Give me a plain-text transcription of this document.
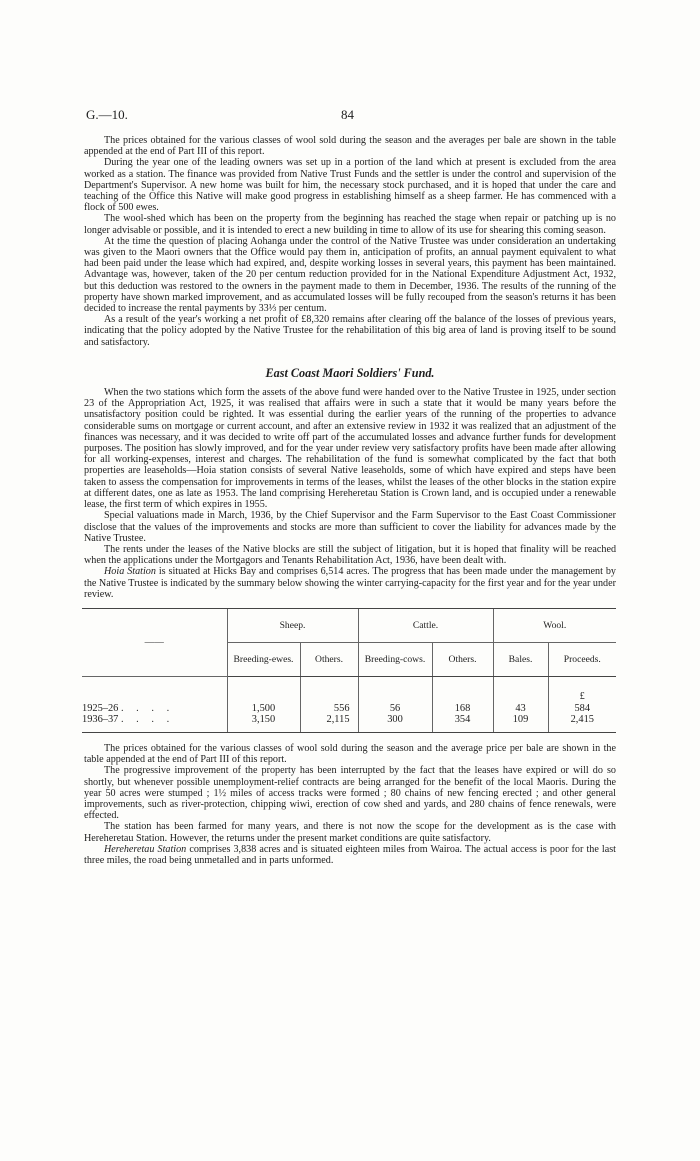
G.—10.	84

The prices obtained for the various classes of wool sold during the season and the averages per bale are shown in the table appended at the end of Part III of this report.

During the year one of the leading owners was set up in a portion of the land which at present is excluded from the area worked as a station. The finance was provided from Native Trust Funds and the settler is under the control and supervision of the Department's Supervisor. A new home was built for him, the necessary stock purchased, and it is hoped that under the care and teaching of the Office this Native will make good progress in establishing himself as a sheep farmer. He has commenced with a flock of 500 ewes.

The wool-shed which has been on the property from the beginning has reached the stage when repair or patching up is no longer advisable or possible, and it is intended to erect a new building in time to allow of its use for shearing this coming season.

At the time the question of placing Aohanga under the control of the Native Trustee was under consideration an undertaking was given to the Maori owners that the Office would pay them in, anticipation of profits, an annual payment equivalent to what had been paid under the lease which had expired, and, despite working losses in several years, this payment has been maintained. Advantage was, however, taken of the 20 per centum reduction provided for in the National Expenditure Adjustment Act, 1932, but this deduction was restored to the owners in the payment made to them in December, 1936. The results of the running of the property have shown marked improvement, and as accumulated losses will be fully recouped from the season's returns it has been decided to increase the rental payments by 33⅓ per centum.

As a result of the year's working a net profit of £8,320 remains after clearing off the balance of the losses of previous years, indicating that the policy adopted by the Native Trustee for the rehabilitation of this big area of land is proving itself to be sound and satisfactory.

East Coast Maori Soldiers' Fund.

When the two stations which form the assets of the above fund were handed over to the Native Trustee in 1925, under section 23 of the Appropriation Act, 1925, it was realised that affairs were in such a state that it would be many years before the unsatisfactory position could be righted. It was essential during the earlier years of the running of the properties to advance considerable sums on mortgage or current account, and after an extensive review in 1932 it was realized that an adjustment of the finances was necessary, and it was decided to write off part of the accumulated losses and advance further funds for development purposes. The position has slowly improved, and for the year under review very satisfactory profits have been made after allowing for all working-expenses, interest and charges. The rehabilitation of the fund is somewhat complicated by the fact that both properties are leaseholds—Hoia station consists of several Native leaseholds, some of which have expired and steps have been taken to assess the compensation for improvements in terms of the leases, whilst the leases of the other blocks in the station expire at different dates, one as late as 1953. The land comprising Hereheretau Station is Crown land, and is occupied under a renewable lease, the first term of which expires in 1955.

Special valuations made in March, 1936, by the Chief Supervisor and the Farm Supervisor to the East Coast Commissioner disclose that the values of the improvements and stocks are more than sufficient to cover the liability for advances made by the Native Trustee.

The rents under the leases of the Native blocks are still the subject of litigation, but it is hoped that finality will be reached when the applications under the Mortgagors and Tenants Rehabilitation Act, 1936, have been dealt with.

Hoia Station is situated at Hicks Bay and comprises 6,514 acres. The progress that has been made under the management by the Native Trustee is indicated by the summary below showing the winter carrying-capacity for the first year and for the year under review.

——	Sheep.		Cattle.		Wool.	
	Breeding-ewes.	Others.	Breeding-cows.	Others.	Bales.	Proceeds.
						£
1925–26 . . . .	1,500	556	56	168	43	584
1936–37 . . . .	3,150	2,115	300	354	109	2,415

The prices obtained for the various classes of wool sold during the season and the average price per bale are shown in the table appended at the end of Part III of this report.

The progressive improvement of the property has been interrupted by the fact that the leases have expired or will do so shortly, but whenever possible unemployment-relief contracts are being arranged for the benefit of the local Maoris. During the year 50 acres were stumped ; 1½ miles of access tracks were formed ; 80 chains of new fencing erected ; and other general improvements, such as river-protection, chipping wiwi, erection of cow shed and yards, and 280 chains of fence renewals, were effected.

The station has been farmed for many years, and there is not now the scope for the development as is the case with Hereheretau Station. However, the returns under the present market conditions are quite satisfactory.

Hereheretau Station comprises 3,838 acres and is situated eighteen miles from Wairoa. The actual access is poor for the last three miles, the road being unmetalled and in parts unformed.
